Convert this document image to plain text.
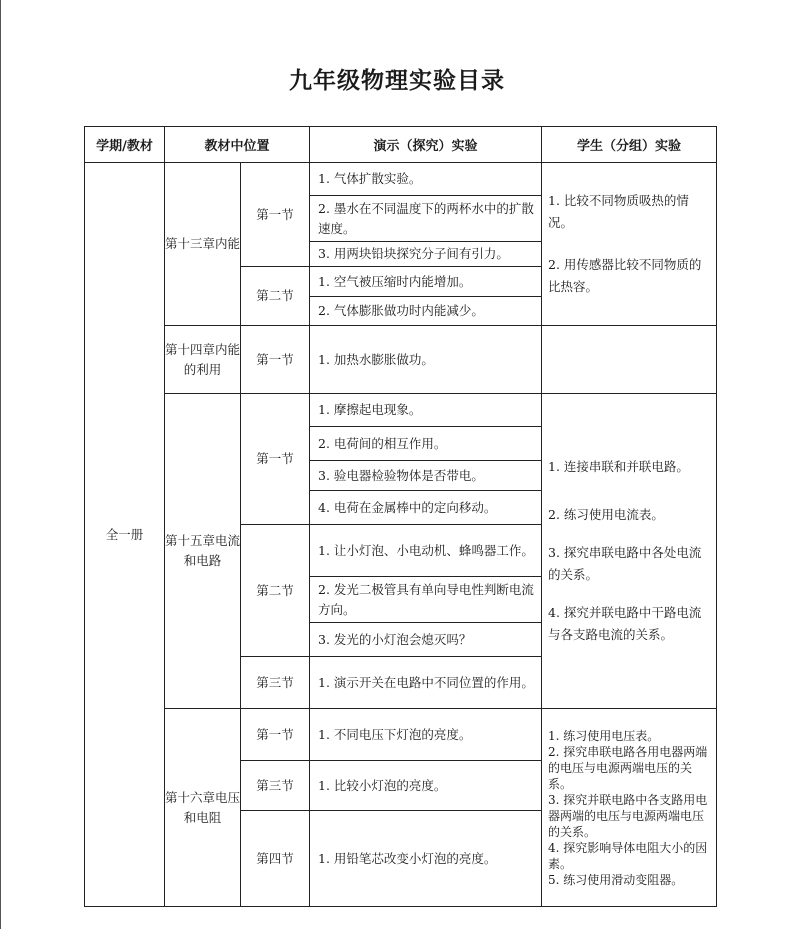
九年级物理实验目录
学期/教材	教材中位置		演示（探究）实验	学生（分组）实验
全一册	第十三章内能	第一节	1. 气体扩散实验。	1. 比较不同物质吸热的情况。

2. 用传感器比较不同物质的比热容。

			2. 墨水在不同温度下的两杯水中的扩散速度。	
			3. 用两块铅块探究分子间有引力。	
		第二节	1. 空气被压缩时内能增加。	
			2. 气体膨胀做功时内能减少。	
	第十四章内能的利用	第一节	1. 加热水膨胀做功。	
	第十五章电流和电路	第一节	1. 摩擦起电现象。	1. 连接串联和并联电路。

2. 练习使用电流表。

3. 探究串联电路中各处电流的关系。

4. 探究并联电路中干路电流与各支路电流的关系。

			2. 电荷间的相互作用。	
			3. 验电器检验物体是否带电。	
			4. 电荷在金属棒中的定向移动。	
		第二节	1. 让小灯泡、小电动机、蜂鸣器工作。	
			2. 发光二极管具有单向导电性判断电流方向。	
			3. 发光的小灯泡会熄灭吗？	
		第三节	1. 演示开关在电路中不同位置的作用。	
	第十六章电压和电阻	第一节	1. 不同电压下灯泡的亮度。	1. 练习使用电压表。

2. 探究串联电路各用电器两端的电压与电源两端电压的关系。

3. 探究并联电路中各支路用电器两端的电压与电源两端电压的关系。

4. 探究影响导体电阻大小的因素。

5. 练习使用滑动变阻器。

		第三节	1. 比较小灯泡的亮度。	
		第四节	1. 用铅笔芯改变小灯泡的亮度。	
